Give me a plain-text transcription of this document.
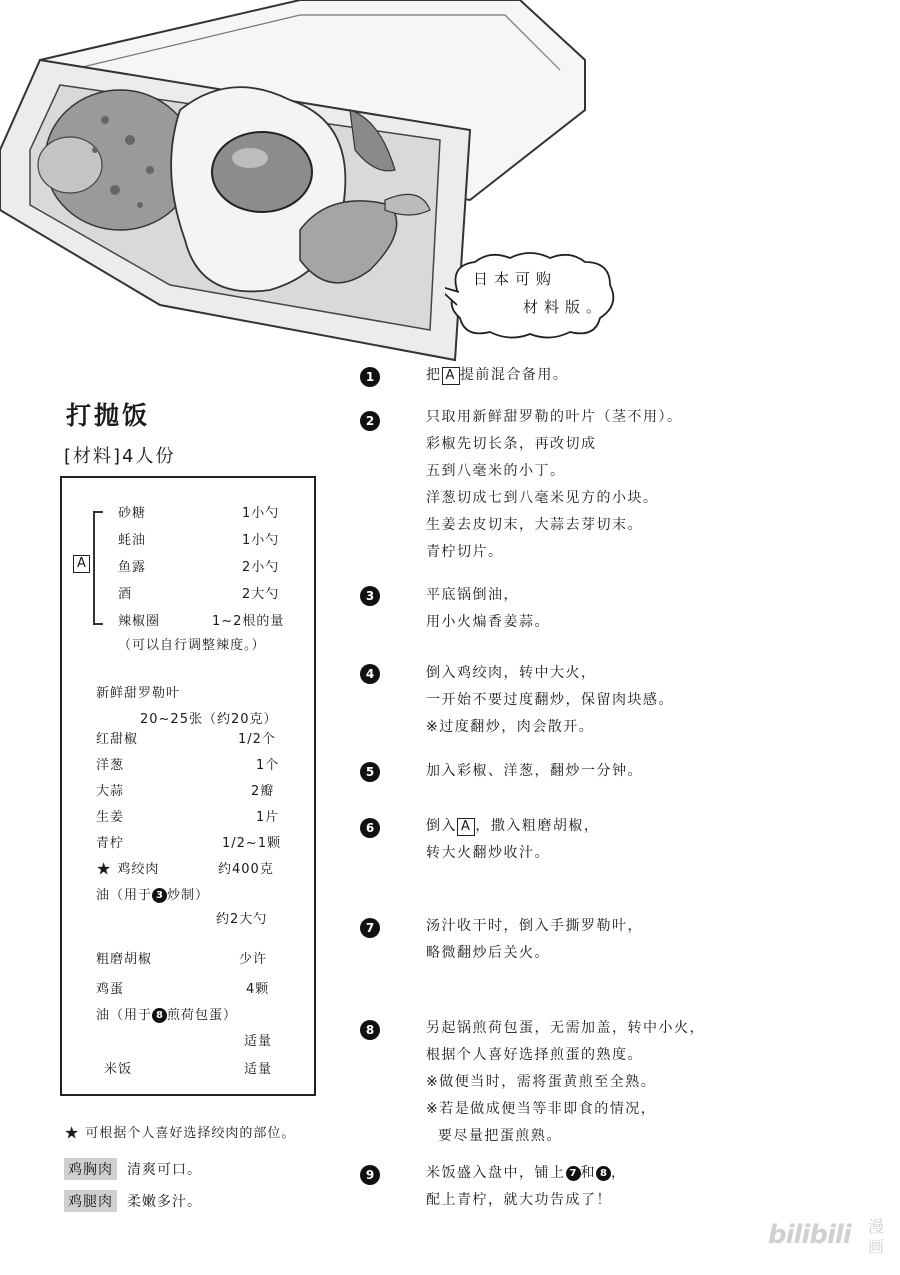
日本可购
材料版。
打抛饭
[材料]4人份
A
砂糖	1小勺
蚝油	1小勺
鱼露	2小勺
酒	2大勺
辣椒圈	1~2根的量
（可以自行调整辣度。）
新鲜甜罗勒叶
20~25张（约20克）
红甜椒	1/2个
洋葱	1个
大蒜	2瓣
生姜	1片
青柠	1/2~1颗
★ 鸡绞肉	约400克
油（用于 3 炒制）
约2大勺
粗磨胡椒	少许
鸡蛋	4颗
油（用于 8 煎荷包蛋）
适量
米饭	适量
★ 可根据个人喜好选择绞肉的部位。
鸡胸肉 清爽可口。
鸡腿肉 柔嫩多汁。
1	把 A 提前混合备用。
2	只取用新鲜甜罗勒的叶片（茎不用）。
彩椒先切长条，再改切成
五到八毫米的小丁。
洋葱切成七到八毫米见方的小块。
生姜去皮切末，大蒜去芽切末。
青柠切片。
3	平底锅倒油，
用小火煸香姜蒜。
4	倒入鸡绞肉，转中大火，
一开始不要过度翻炒，保留肉块感。
※过度翻炒，肉会散开。
5	加入彩椒、洋葱，翻炒一分钟。
6	倒入 A ，撒入粗磨胡椒，
转大火翻炒收汁。
7	汤汁收干时，倒入手撕罗勒叶，
略微翻炒后关火。
8	另起锅煎荷包蛋，无需加盖，转中小火，
根据个人喜好选择煎蛋的熟度。
※做便当时，需将蛋黄煎至全熟。
※若是做成便当等非即食的情况，
要尽量把蛋煎熟。
9	米饭盛入盘中，铺上 7 和 8 ，
配上青柠，就大功告成了！
bilibili 漫
画
